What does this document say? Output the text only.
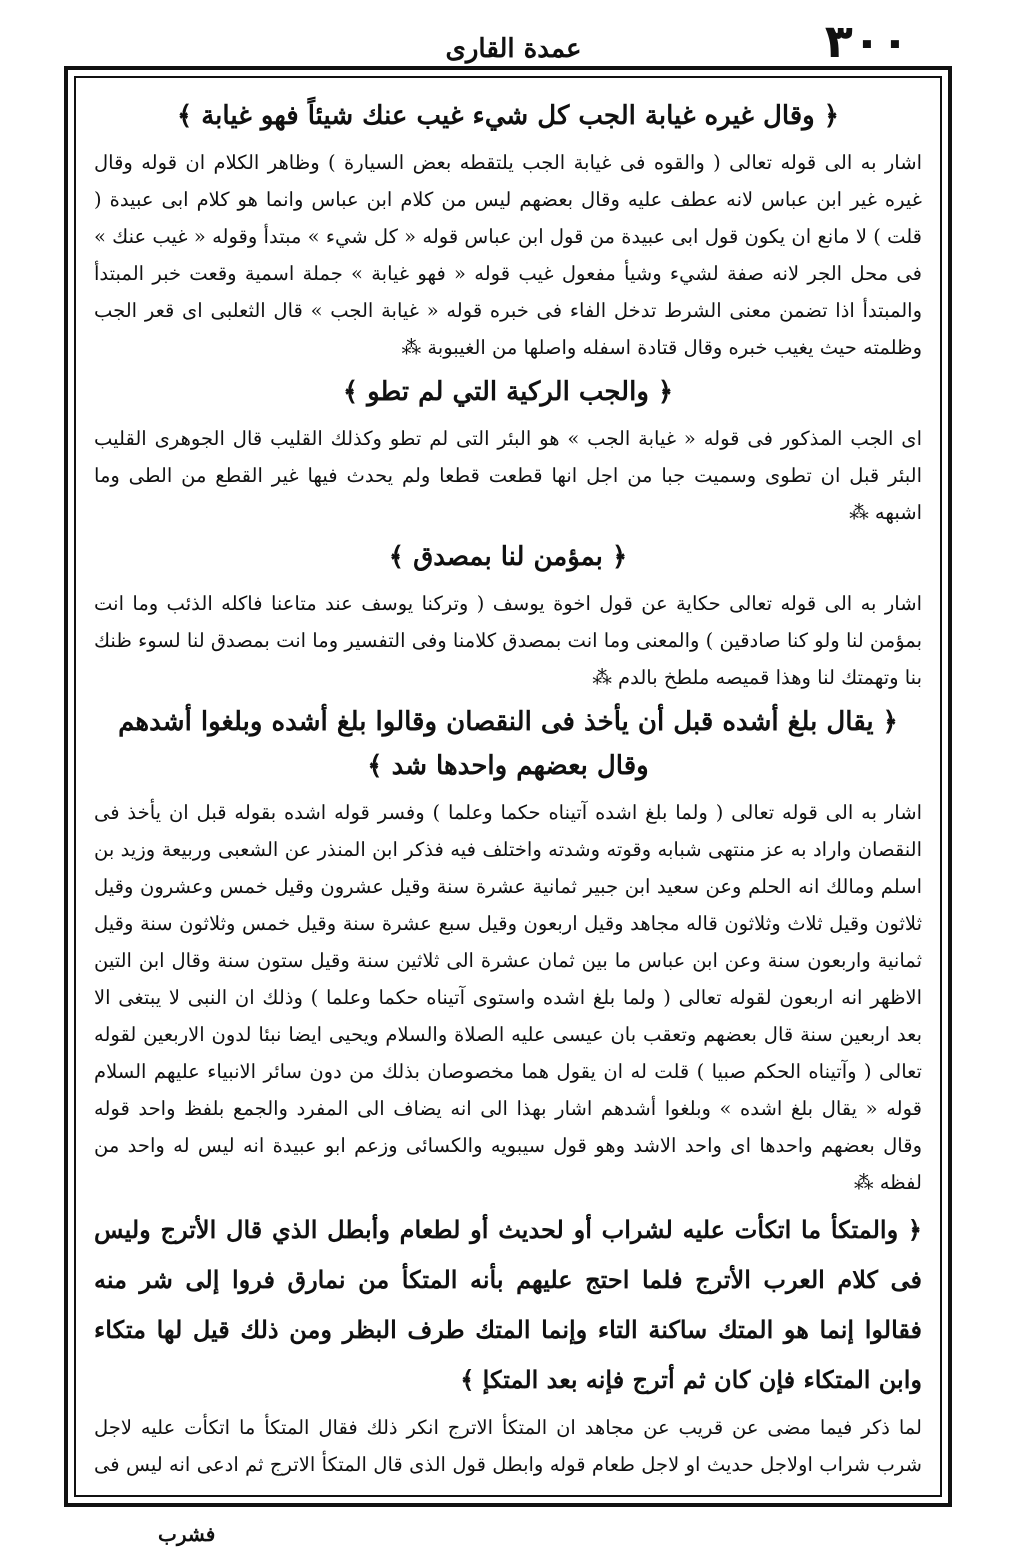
٣٠٠
عمدة القاری
﴿ وقال غيره غيابة الجب كل شيء غيب عنك شيئاً فهو غيابة ﴾

اشار به الى قوله تعالى ( والقوه فى غيابة الجب يلتقطه بعض السيارة ) وظاهر الكلام ان قوله وقال غيره غير ابن عباس لانه عطف عليه وقال بعضهم ليس من كلام ابن عباس وانما هو كلام ابى عبيدة ( قلت ) لا مانع ان يكون قول ابى عبيدة من قول ابن عباس قوله « كل شيء » مبتدأ وقوله « غيب عنك » فى محل الجر لانه صفة لشيء وشيأ مفعول غيب قوله « فهو غيابة » جملة اسمية وقعت خبر المبتدأ والمبتدأ اذا تضمن معنى الشرط تدخل الفاء فى خبره قوله « غيابة الجب » قال الثعلبى اى قعر الجب وظلمته حيث يغيب خبره وقال قتادة اسفله واصلها من الغيبوبة ⁂

﴿ والجب الركية التي لم تطو ﴾

اى الجب المذكور فى قوله « غيابة الجب » هو البئر التى لم تطو وكذلك القليب قال الجوهرى القليب البئر قبل ان تطوى وسميت جبا من اجل انها قطعت قطعا ولم يحدث فيها غير القطع من الطى وما اشبهه ⁂

﴿ بمؤمن لنا بمصدق ﴾

اشار به الى قوله تعالى حكاية عن قول اخوة يوسف ( وتركنا يوسف عند متاعنا فاكله الذئب وما انت بمؤمن لنا ولو كنا صادقين ) والمعنى وما انت بمصدق كلامنا وفى التفسير وما انت بمصدق لنا لسوء ظنك بنا وتهمتك لنا وهذا قميصه ملطخ بالدم ⁂

﴿ يقال بلغ أشده قبل أن يأخذ فى النقصان وقالوا بلغ أشده وبلغوا أشدهم وقال بعضهم واحدها شد ﴾

اشار به الى قوله تعالى ( ولما بلغ اشده آتيناه حكما وعلما ) وفسر قوله اشده بقوله قبل ان يأخذ فى النقصان واراد به عز منتهى شبابه وقوته وشدته واختلف فيه فذكر ابن المنذر عن الشعبى وربيعة وزيد بن اسلم ومالك انه الحلم وعن سعيد ابن جبير ثمانية عشرة سنة وقيل عشرون وقيل خمس وعشرون وقيل ثلاثون وقيل ثلاث وثلاثون قاله مجاهد وقيل اربعون وقيل سبع عشرة سنة وقيل خمس وثلاثون سنة وقيل ثمانية واربعون سنة وعن ابن عباس ما بين ثمان عشرة الى ثلاثين سنة وقيل ستون سنة وقال ابن التين الاظهر انه اربعون لقوله تعالى ( ولما بلغ اشده واستوى آتيناه حكما وعلما ) وذلك ان النبى لا يبتغى الا بعد اربعين سنة قال بعضهم وتعقب بان عيسى عليه الصلاة والسلام ويحيى ايضا نبئا لدون الاربعين لقوله تعالى ( وآتيناه الحكم صبيا ) قلت له ان يقول هما مخصوصان بذلك من دون سائر الانبياء عليهم السلام قوله « يقال بلغ اشده » وبلغوا أشدهم اشار بهذا الى انه يضاف الى المفرد والجمع بلفظ واحد قوله وقال بعضهم واحدها اى واحد الاشد وهو قول سيبويه والكسائى وزعم ابو عبيدة انه ليس له واحد من لفظه ⁂

﴿ والمتكأ ما اتكأت عليه لشراب أو لحديث أو لطعام وأبطل الذي قال الأترج وليس فى كلام العرب الأترج فلما احتج عليهم بأنه المتكأ من نمارق فروا إلى شر منه فقالوا إنما هو المتك ساكنة التاء وإنما المتك طرف البظر ومن ذلك قيل لها متكاء وابن المتكاء فإن كان ثم أترج فإنه بعد المتكإ ﴾

لما ذكر فيما مضى عن قريب عن مجاهد ان المتكأ الاترج انكر ذلك فقال المتكأ ما اتكأت عليه لاجل شرب شراب اولاجل حديث او لاجل طعام قوله وابطل قول الذى قال المتكأ الاترج ثم ادعى انه ليس فى

فشرب
